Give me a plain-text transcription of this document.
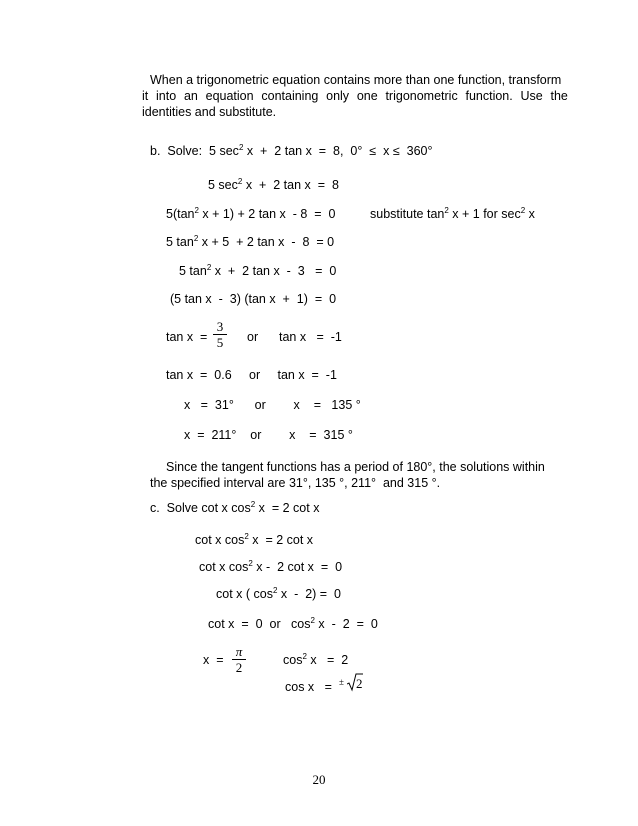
When a trigonometric equation contains more than one function, transform
it into an equation containing only one trigonometric function. Use the
identities and substitute.
b.  Solve:  5 $\sec^2 x + 2$ tan x  =  8,  0°  ≤  x ≤  360°
5 $\sec^2 x + 2$ tan x  =  8
$5(\tan^2$ x + 1) + 2 tan x  - 8  =  0	substitute $\tan^2 x + 1$ for $\sec^2 x$
5 $\tan^2 x + 5 + 2$ tan x  -  8  = 0
5 $\tan^2 x + 2$ tan x  -  3   =  0
(5 tan x  -  3) (tan x  +  1)  =  0
tan x  =
3
5	or tan x   =  -1
tan x  =  0.6     or     tan x  =  -1
x   =  31°      or        x    =   135 °
x  =  211°    or        x    =  315 °
Since the tangent functions has a period of 180°, the solutions within
the specified interval are 31°, 135 °, 211°  and 315 °.
c.  Solve cot x $\cos^2 x = 2$ cot x
cot x $\cos^2 x = 2$ cot x
cot x $\cos^2 x - 2$ cot x  =  0
cot x ( $\cos^2 x - 2) = 0$
cot x  =  0  or   $\cos^2 x - 2 = 0$
x  =
π
2	$\cos^2 x = 2$
cos x   = ± 2
20
